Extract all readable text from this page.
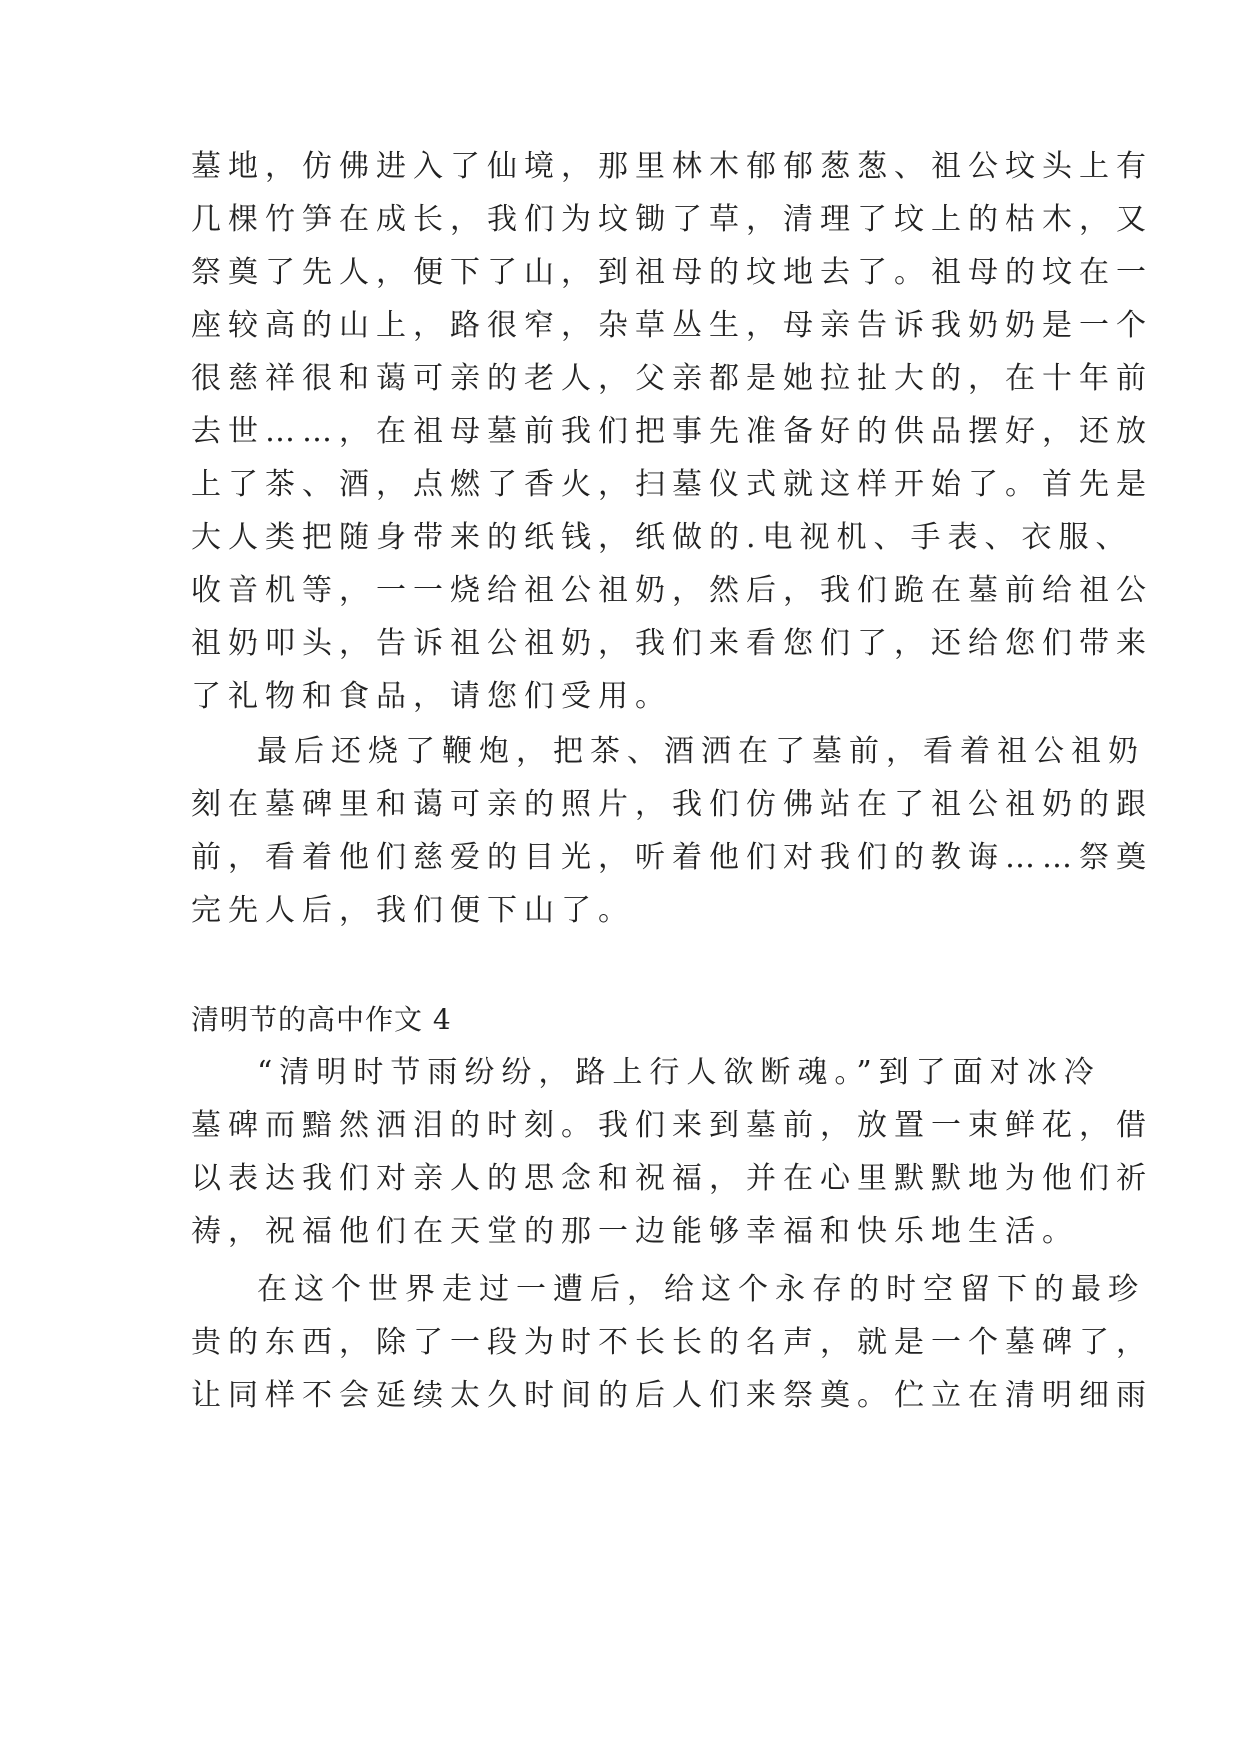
墓地，仿佛进入了仙境，那里林木郁郁葱葱、祖公坟头上有
几棵竹笋在成长，我们为坟锄了草，清理了坟上的枯木，又
祭奠了先人，便下了山，到祖母的坟地去了。祖母的坟在一
座较高的山上，路很窄，杂草丛生，母亲告诉我奶奶是一个
很慈祥很和蔼可亲的老人，父亲都是她拉扯大的，在十年前
去世……，在祖母墓前我们把事先准备好的供品摆好，还放
上了茶、酒，点燃了香火，扫墓仪式就这样开始了。首先是
大人类把随身带来的纸钱，纸做的.电视机、手表、衣服、
收音机等，一一烧给祖公祖奶，然后，我们跪在墓前给祖公
祖奶叩头，告诉祖公祖奶，我们来看您们了，还给您们带来
了礼物和食品，请您们受用。
最后还烧了鞭炮，把茶、酒洒在了墓前，看着祖公祖奶
刻在墓碑里和蔼可亲的照片，我们仿佛站在了祖公祖奶的跟
前，看着他们慈爱的目光，听着他们对我们的教诲……祭奠
完先人后，我们便下山了。
清明节的高中作文 4
“清明时节雨纷纷，路上行人欲断魂。”到了面对冰冷
墓碑而黯然洒泪的时刻。我们来到墓前，放置一束鲜花，借
以表达我们对亲人的思念和祝福，并在心里默默地为他们祈
祷，祝福他们在天堂的那一边能够幸福和快乐地生活。
在这个世界走过一遭后，给这个永存的时空留下的最珍
贵的东西，除了一段为时不长长的名声，就是一个墓碑了，
让同样不会延续太久时间的后人们来祭奠。伫立在清明细雨
